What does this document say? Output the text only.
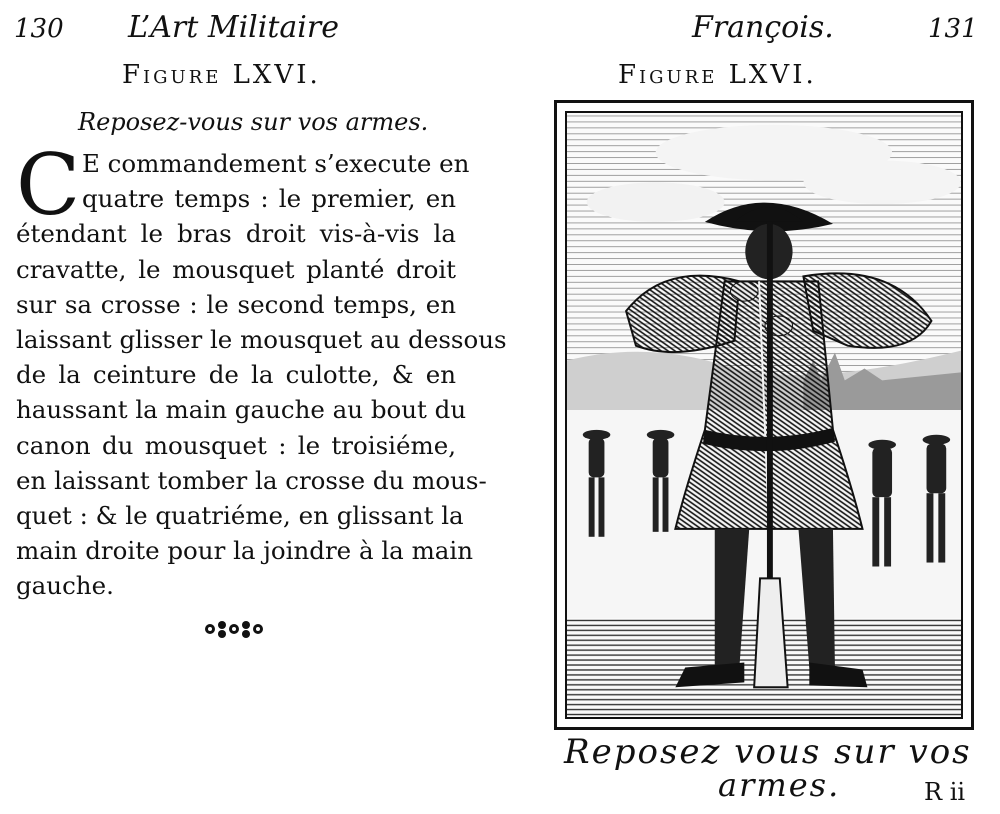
130 L’Art Militaire
Figure LXVI.
Reposez-vous sur vos armes.
C E commandement s’execute en
quatre temps : le premier, en
étendant le bras droit vis-à-vis la
cravatte, le mousquet planté droit
sur sa crosse : le second temps, en
laissant glisser le mousquet au dessous
de la ceinture de la culotte, & en
haussant la main gauche au bout du
canon du mousquet : le troisiéme,
en laissant tomber la crosse du mous-
quet : & le quatriéme, en glissant la
main droite pour la joindre à la main
gauche.
François.	131
Figure LXVI.
Reposez vous sur vos
armes.	R ii
